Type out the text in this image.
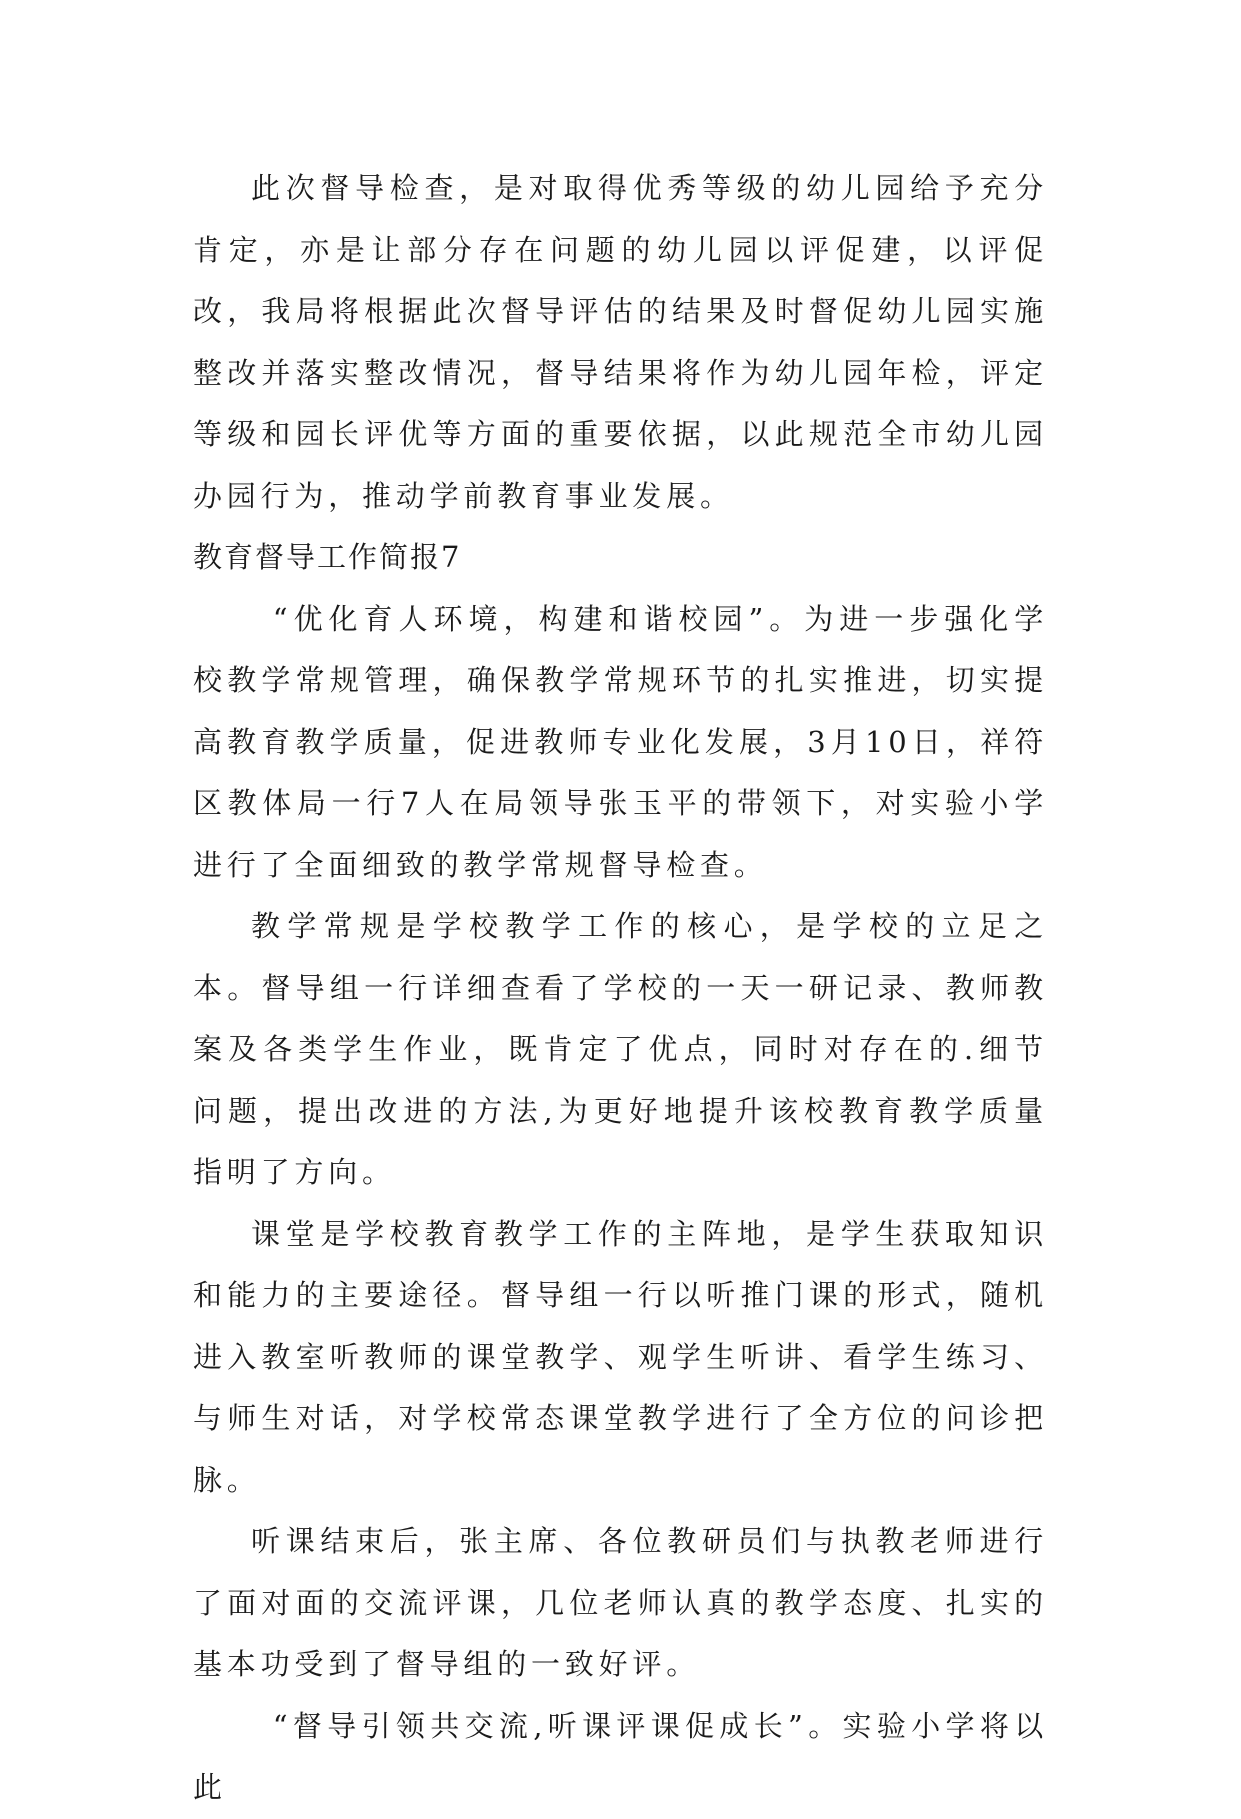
此次督导检查，是对取得优秀等级的幼儿园给予充分肯定，亦是让部分存在问题的幼儿园以评促建，以评促改，我局将根据此次督导评估的结果及时督促幼儿园实施整改并落实整改情况，督导结果将作为幼儿园年检，评定等级和园长评优等方面的重要依据，以此规范全市幼儿园办园行为，推动学前教育事业发展。

教育督导工作简报7

“优化育人环境，构建和谐校园”。为进一步强化学校教学常规管理，确保教学常规环节的扎实推进，切实提高教育教学质量，促进教师专业化发展，3月10日，祥符区教体局一行7人在局领导张玉平的带领下，对实验小学进行了全面细致的教学常规督导检查。

教学常规是学校教学工作的核心，是学校的立足之本。督导组一行详细查看了学校的一天一研记录、教师教案及各类学生作业，既肯定了优点，同时对存在的.细节问题，提出改进的方法,为更好地提升该校教育教学质量指明了方向。

课堂是学校教育教学工作的主阵地，是学生获取知识和能力的主要途径。督导组一行以听推门课的形式，随机进入教室听教师的课堂教学、观学生听讲、看学生练习、与师生对话，对学校常态课堂教学进行了全方位的问诊把脉。

听课结束后，张主席、各位教研员们与执教老师进行了面对面的交流评课，几位老师认真的教学态度、扎实的基本功受到了督导组的一致好评。

“督导引领共交流,听课评课促成长”。实验小学将以此
